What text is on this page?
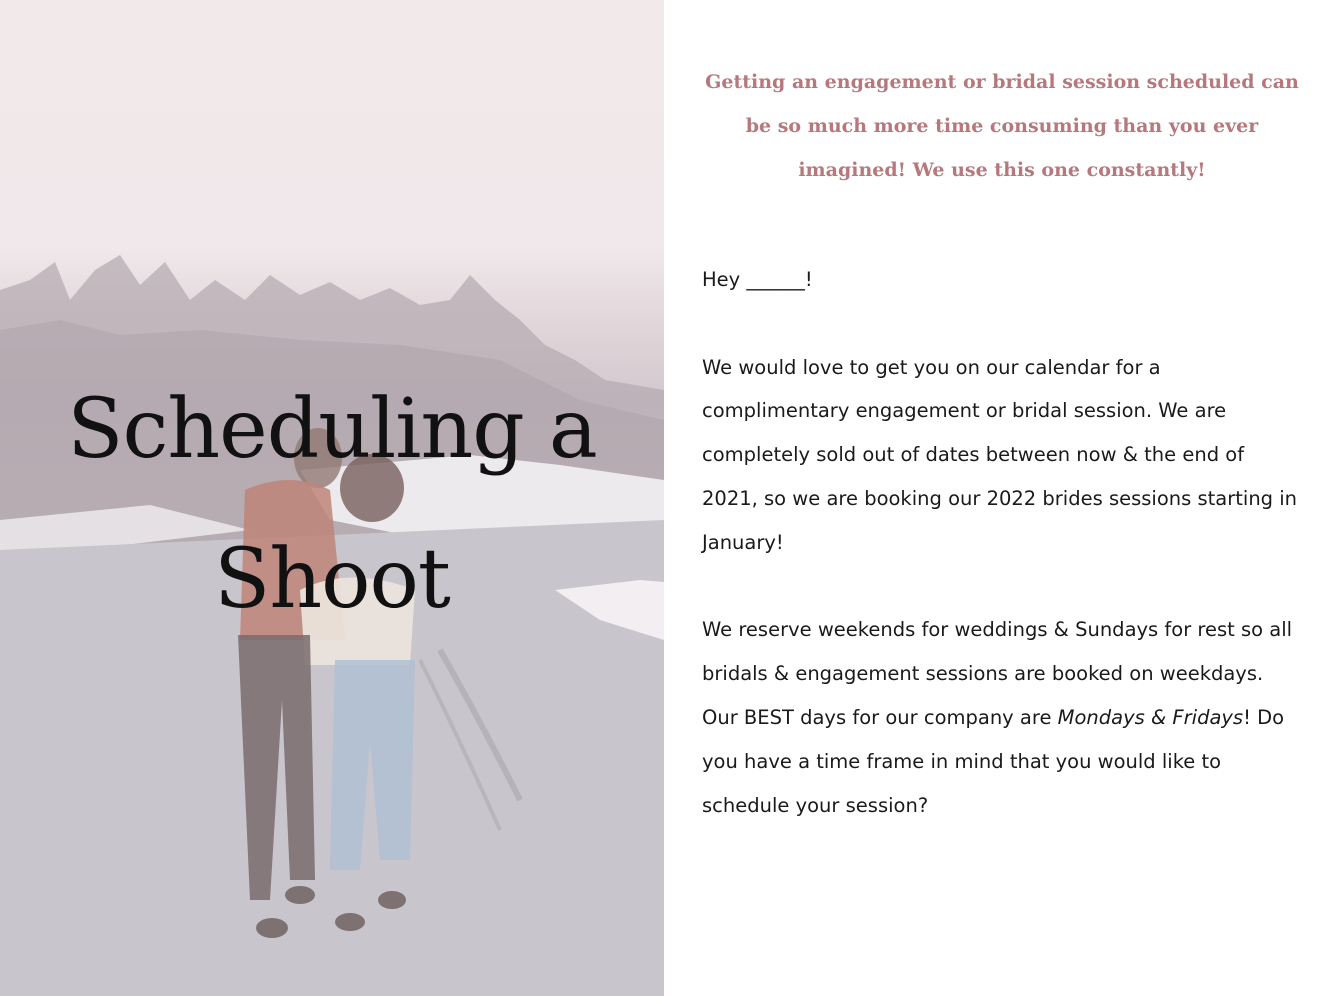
Scheduling a
Shoot

Getting an engagement or bridal session scheduled can be so much more time consuming than you ever imagined! We use this one constantly!

Hey ______!

We would love to get you on our calendar for a complimentary engagement or bridal session. We are completely sold out of dates between now & the end of 2021, so we are booking our 2022 brides sessions starting in January!

We reserve weekends for weddings & Sundays for rest so all bridals & engagement sessions are booked on weekdays. Our BEST days for our company are Mondays & Fridays! Do you have a time frame in mind that you would like to schedule your session?
